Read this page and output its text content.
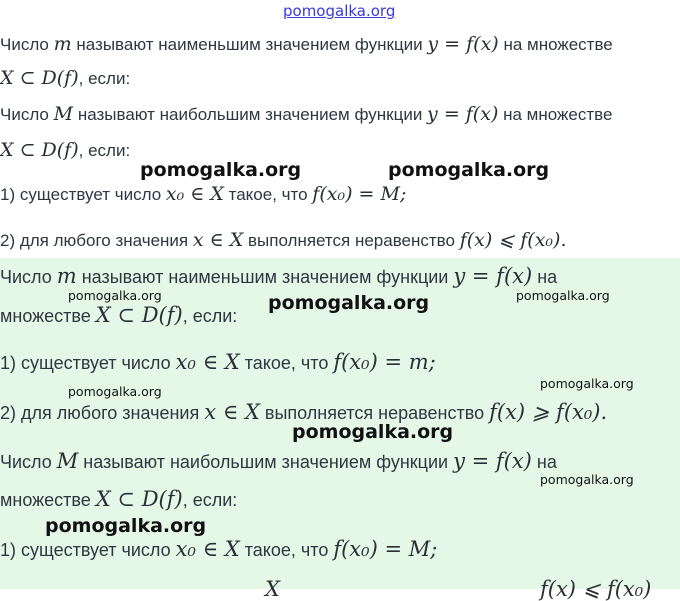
pomogalka.org
Число m называют наименьшим значением функции y = f(x) на множестве
X ⊂ D(f), если:
Число M называют наибольшим значением функции y = f(x) на множестве
X ⊂ D(f), если:
1) существует число x₀ ∈ X такое, что f(x₀) = M;
2) для любого значения x ∈ X выполняется неравенство f(x) ⩽ f(x₀).
Число m называют наименьшим значением функции y = f(x) на
множестве X ⊂ D(f), если:
1) существует число x₀ ∈ X такое, что f(x₀) = m;
2) для любого значения x ∈ X выполняется неравенство f(x) ⩾ f(x₀).
Число M называют наибольшим значением функции y = f(x) на
множестве X ⊂ D(f), если:
1) существует число x₀ ∈ X такое, что f(x₀) = M;
X	f(x) ⩽ f(x₀)
pomogalka.org	pomogalka.org
pomogalka.org	pomogalka.org	pomogalka.org
pomogalka.org
pomogalka.org
pomogalka.org
pomogalka.org
pomogalka.org
